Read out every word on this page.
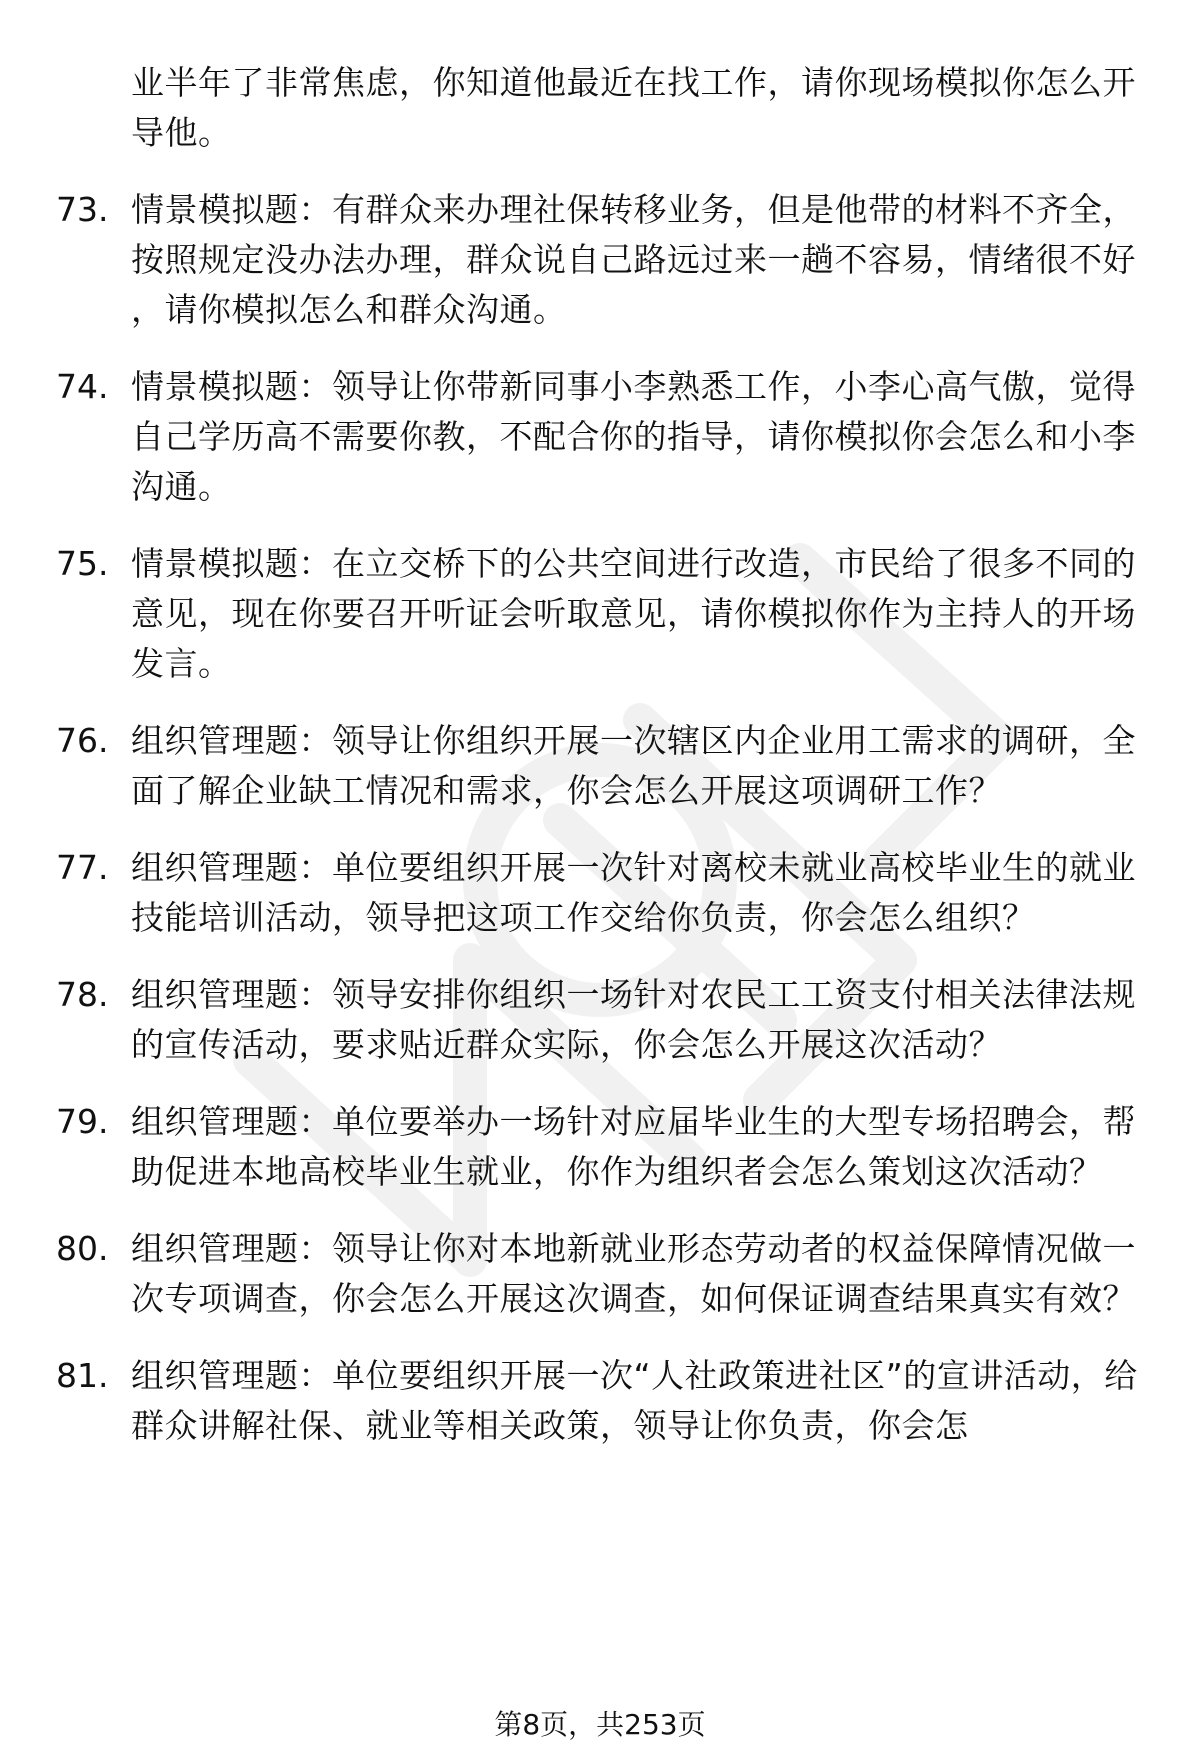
业半年了非常焦虑，你知道他最近在找工作，请你现场模拟你怎么开导他。
73. 情景模拟题：有群众来办理社保转移业务，但是他带的材料不齐全，按照规定没办法办理，群众说自己路远过来一趟不容易，情绪很不好，请你模拟怎么和群众沟通。
74. 情景模拟题：领导让你带新同事小李熟悉工作，小李心高气傲，觉得自己学历高不需要你教，不配合你的指导，请你模拟你会怎么和小李沟通。
75. 情景模拟题：在立交桥下的公共空间进行改造，市民给了很多不同的意见，现在你要召开听证会听取意见，请你模拟你作为主持人的开场发言。
76. 组织管理题：领导让你组织开展一次辖区内企业用工需求的调研，全面了解企业缺工情况和需求，你会怎么开展这项调研工作？
77. 组织管理题：单位要组织开展一次针对离校未就业高校毕业生的就业技能培训活动，领导把这项工作交给你负责，你会怎么组织？
78. 组织管理题：领导安排你组织一场针对农民工工资支付相关法律法规的宣传活动，要求贴近群众实际，你会怎么开展这次活动？
79. 组织管理题：单位要举办一场针对应届毕业生的大型专场招聘会，帮助促进本地高校毕业生就业，你作为组织者会怎么策划这次活动？
80. 组织管理题：领导让你对本地新就业形态劳动者的权益保障情况做一次专项调查，你会怎么开展这次调查，如何保证调查结果真实有效？
81. 组织管理题：单位要组织开展一次“人社政策进社区”的宣讲活动，给群众讲解社保、就业等相关政策，领导让你负责，你会怎
第8页，共253页
